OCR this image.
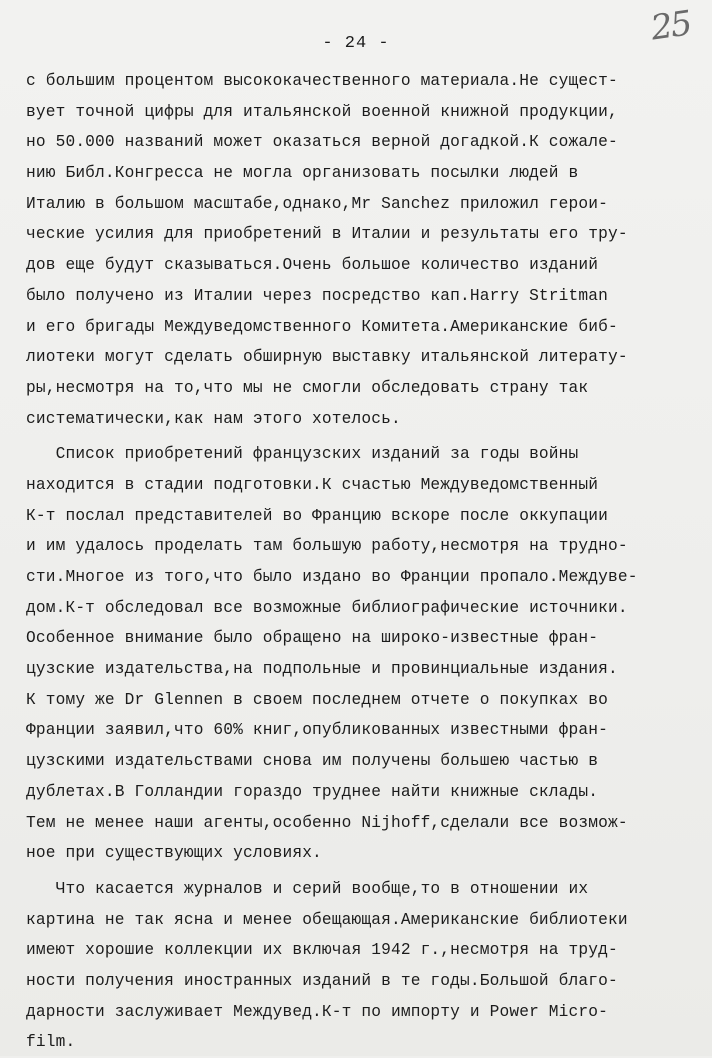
25
- 24 -
с большим процентом высококачественного материала.Не сущест-
вует точной цифры для итальянской военной книжной продукции,
но 50.000 названий может оказаться верной догадкой.К сожале-
нию Библ.Конгресса не могла организовать посылки людей в
Италию в большом масштабе,однако,Mr Sanchez приложил герои-
ческие усилия для приобретений в Италии и результаты его тру-
дов еще будут сказываться.Очень большое количество изданий
было получено из Италии через посредство кап.Harry Stritman
и его бригады Междуведомственного Комитета.Американские биб-
лиотеки могут сделать обширную выставку итальянской литерату-
ры,несмотря на то,что мы не смогли обследовать страну так
систематически,как нам этого хотелось.
Список приобретений французских изданий за годы войны
находится в стадии подготовки.К счастью Междуведомственный
К-т послал представителей во Францию вскоре после оккупации
и им удалось проделать там большую работу,несмотря на трудно-
сти.Многое из того,что было издано во Франции пропало.Междуве-
дом.К-т обследовал все возможные библиографические источники.
Особенное внимание было обращено на широко-известные фран-
цузские издательства,на подпольные и провинциальные издания.
К тому же Dr Glennen в своем последнем отчете о покупках во
Франции заявил,что 60% книг,опубликованных известными фран-
цузскими издательствами снова им получены большею частью в
дублетах.В Голландии гораздо труднее найти книжные склады.
Тем не менее наши агенты,особенно Nijhoff,сделали все возмож-
ное при существующих условиях.
Что касается журналов и серий вообще,то в отношении их
картина не так ясна и менее обещающая.Американские библиотеки
имеют хорошие коллекции их включая 1942 г.,несмотря на труд-
ности получения иностранных изданий в те годы.Большой благо-
дарности заслуживает Междувед.К-т по импорту и Power Micro-
film.
